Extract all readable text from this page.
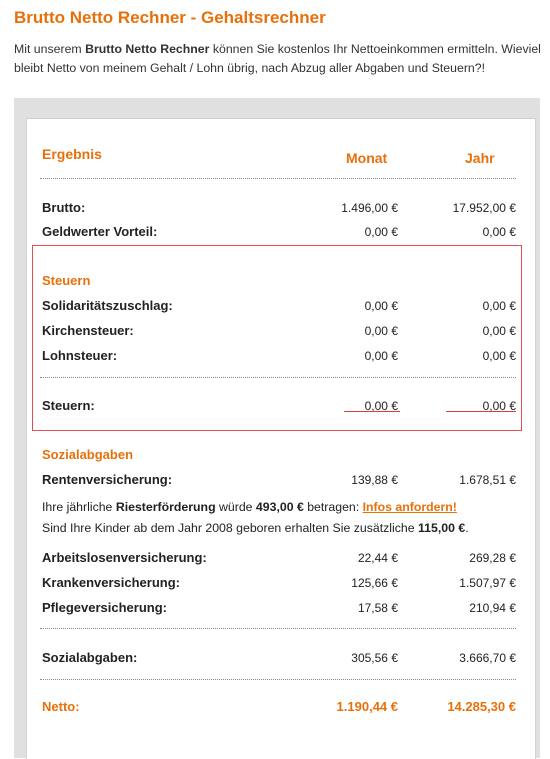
Brutto Netto Rechner - Gehaltsrechner

Mit unserem Brutto Netto Rechner können Sie kostenlos Ihr Nettoeinkommen ermitteln. Wieviel bleibt Netto von meinem Gehalt / Lohn übrig, nach Abzug aller Abgaben und Steuern?!

Ergebnis	Monat	Jahr
Brutto:	1.496,00 €	17.952,00 €
Geldwerter Vorteil:	0,00 €	0,00 €
Steuern
Solidaritätszuschlag:	0,00 €	0,00 €
Kirchensteuer:	0,00 €	0,00 €
Lohnsteuer:	0,00 €	0,00 €
Steuern:	0,00 €	0,00 €
Sozialabgaben
Rentenversicherung:	139,88 €	1.678,51 €
Ihre jährliche Riesterförderung würde 493,00 € betragen: Infos anfordern!
Sind Ihre Kinder ab dem Jahr 2008 geboren erhalten Sie zusätzliche 115,00 €.
Arbeitslosenversicherung:	22,44 €	269,28 €
Krankenversicherung:	125,66 €	1.507,97 €
Pflegeversicherung:	17,58 €	210,94 €
Sozialabgaben:	305,56 €	3.666,70 €
Netto:	1.190,44 €	14.285,30 €
